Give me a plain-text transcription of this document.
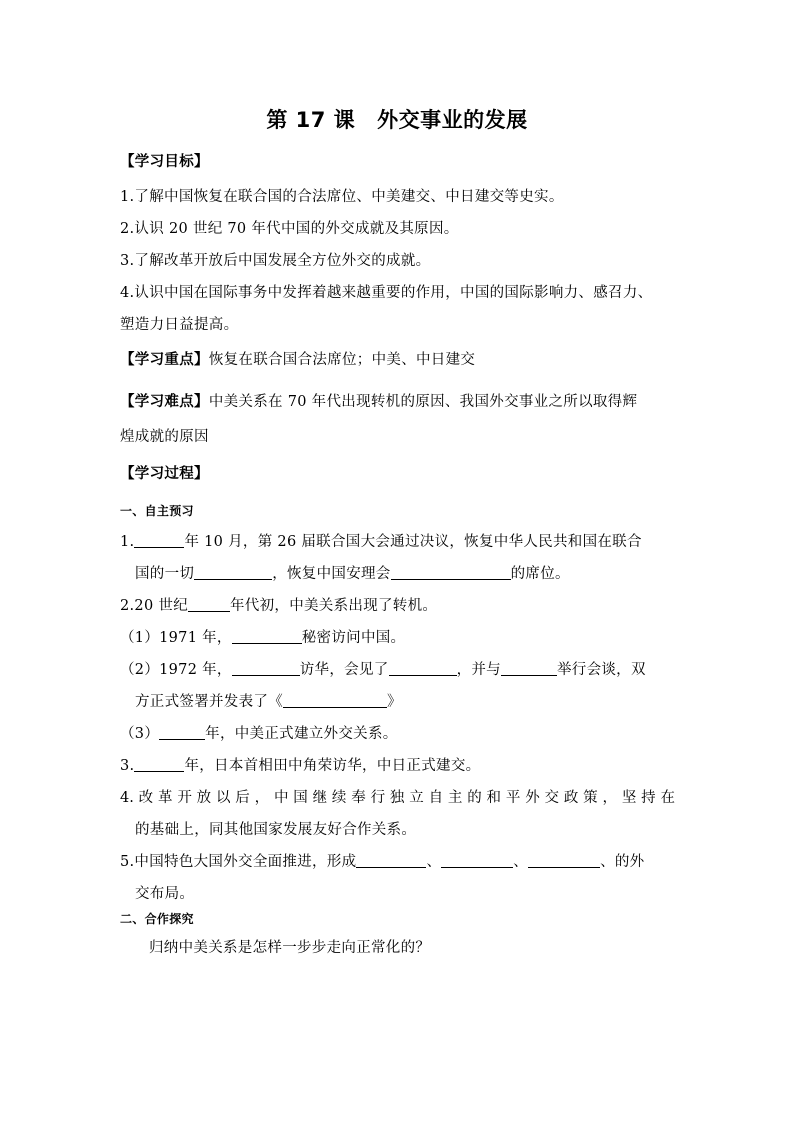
第 17 课 外交事业的发展
【学习目标】
1.了解中国恢复在联合国的合法席位、中美建交、中日建交等史实。
2.认识 20 世纪 70 年代中国的外交成就及其原因。
3.了解改革开放后中国发展全方位外交的成就。
4.认识中国在国际事务中发挥着越来越重要的作用，中国的国际影响力、感召力、
塑造力日益提高。
【学习重点】恢复在联合国合法席位；中美、中日建交
【学习难点】中美关系在 70 年代出现转机的原因、我国外交事业之所以取得辉
煌成就的原因
【学习过程】
一、自主预习
1.	年 10 月，第 26 届联合国大会通过决议，恢复中华人民共和国在联合
国的一切	，恢复中国安理会	的席位。
2.20 世纪	年代初，中美关系出现了转机。
（1）1971 年，	秘密访问中国。
（2）1972 年，	访华，会见了	，并与	举行会谈，双
方正式签署并发表了《	》
（3）	年，中美正式建立外交关系。
3.	年，日本首相田中角荣访华，中日正式建交。
4.改革开放以后，中国继续奉行独立自主的和平外交政策，坚持在
的基础上，同其他国家发展友好合作关系。
5.中国特色大国外交全面推进，形成	、	、	、的外
交布局。
二、合作探究
归纳中美关系是怎样一步步走向正常化的？
